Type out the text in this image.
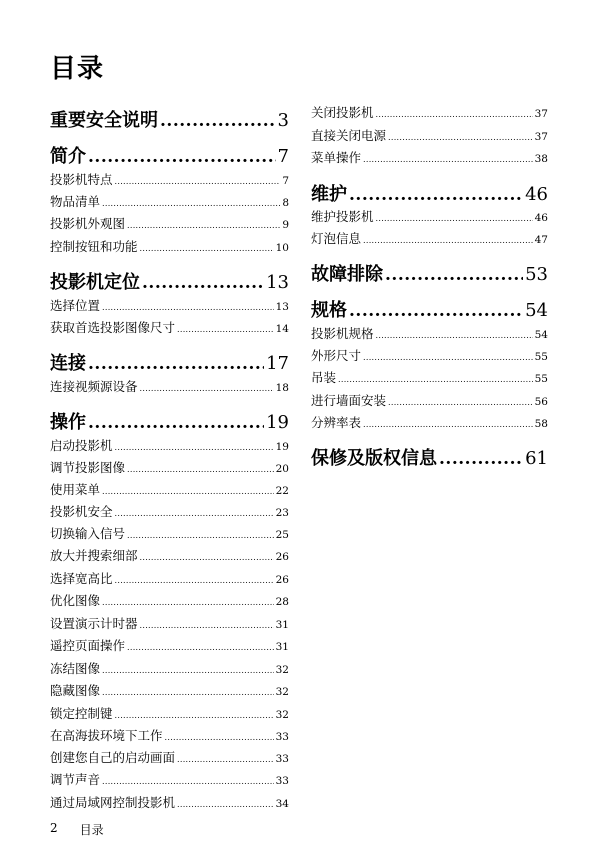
目录
重要安全说明 .....	3
简介 .....	7
投影机特点 .....	7
物品清单 .....	8
投影机外观图 .....	9
控制按钮和功能 .....	10
投影机定位 .....	13
选择位置 .....	13
获取首选投影图像尺寸 .....	14
连接 .....	17
连接视频源设备 .....	18
操作 .....	19
启动投影机 .....	19
调节投影图像 .....	20
使用菜单 .....	22
投影机安全 .....	23
切换输入信号 .....	25
放大并搜索细部 .....	26
选择宽高比 .....	26
优化图像 .....	28
设置演示计时器 .....	31
遥控页面操作 .....	31
冻结图像 .....	32
隐藏图像 .....	32
锁定控制键 .....	32
在高海拔环境下工作 .....	33
创建您自己的启动画面 .....	33
调节声音 .....	33
通过局域网控制投影机 .....	34
关闭投影机 .....	37
直接关闭电源 .....	37
菜单操作 .....	38
维护 .....	46
维护投影机 .....	46
灯泡信息 .....	47
故障排除 .....	53
规格 .....	54
投影机规格 .....	54
外形尺寸 .....	55
吊装 .....	55
进行墙面安装 .....	56
分辨率表 .....	58
保修及版权信息 .....	61
2 目录
